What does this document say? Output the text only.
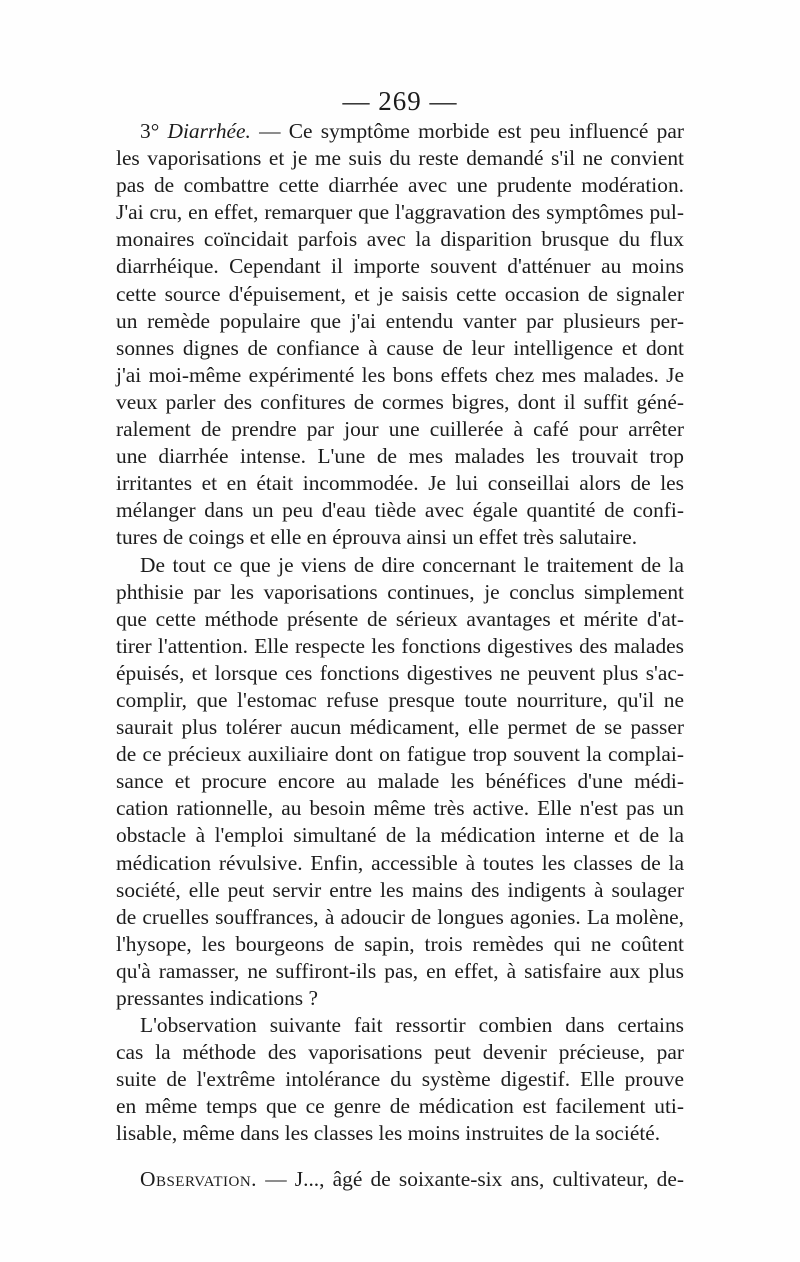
— 269 —
3° Diarrhée. — Ce symptôme morbide est peu influencé par
les vaporisations et je me suis du reste demandé s'il ne convient
pas de combattre cette diarrhée avec une prudente modération.
J'ai cru, en effet, remarquer que l'aggravation des symptômes pul-
monaires coïncidait parfois avec la disparition brusque du flux
diarrhéique. Cependant il importe souvent d'atténuer au moins
cette source d'épuisement, et je saisis cette occasion de signaler
un remède populaire que j'ai entendu vanter par plusieurs per-
sonnes dignes de confiance à cause de leur intelligence et dont
j'ai moi-même expérimenté les bons effets chez mes malades. Je
veux parler des confitures de cormes bigres, dont il suffit géné-
ralement de prendre par jour une cuillerée à café pour arrêter
une diarrhée intense. L'une de mes malades les trouvait trop
irritantes et en était incommodée. Je lui conseillai alors de les
mélanger dans un peu d'eau tiède avec égale quantité de confi-
tures de coings et elle en éprouva ainsi un effet très salutaire.
De tout ce que je viens de dire concernant le traitement de la
phthisie par les vaporisations continues, je conclus simplement
que cette méthode présente de sérieux avantages et mérite d'at-
tirer l'attention. Elle respecte les fonctions digestives des malades
épuisés, et lorsque ces fonctions digestives ne peuvent plus s'ac-
complir, que l'estomac refuse presque toute nourriture, qu'il ne
saurait plus tolérer aucun médicament, elle permet de se passer
de ce précieux auxiliaire dont on fatigue trop souvent la complai-
sance et procure encore au malade les bénéfices d'une médi-
cation rationnelle, au besoin même très active. Elle n'est pas un
obstacle à l'emploi simultané de la médication interne et de la
médication révulsive. Enfin, accessible à toutes les classes de la
société, elle peut servir entre les mains des indigents à soulager
de cruelles souffrances, à adoucir de longues agonies. La molène,
l'hysope, les bourgeons de sapin, trois remèdes qui ne coûtent
qu'à ramasser, ne suffiront-ils pas, en effet, à satisfaire aux plus
pressantes indications ?
L'observation suivante fait ressortir combien dans certains
cas la méthode des vaporisations peut devenir précieuse, par
suite de l'extrême intolérance du système digestif. Elle prouve
en même temps que ce genre de médication est facilement uti-
lisable, même dans les classes les moins instruites de la société.
Observation. — J..., âgé de soixante-six ans, cultivateur, de-
